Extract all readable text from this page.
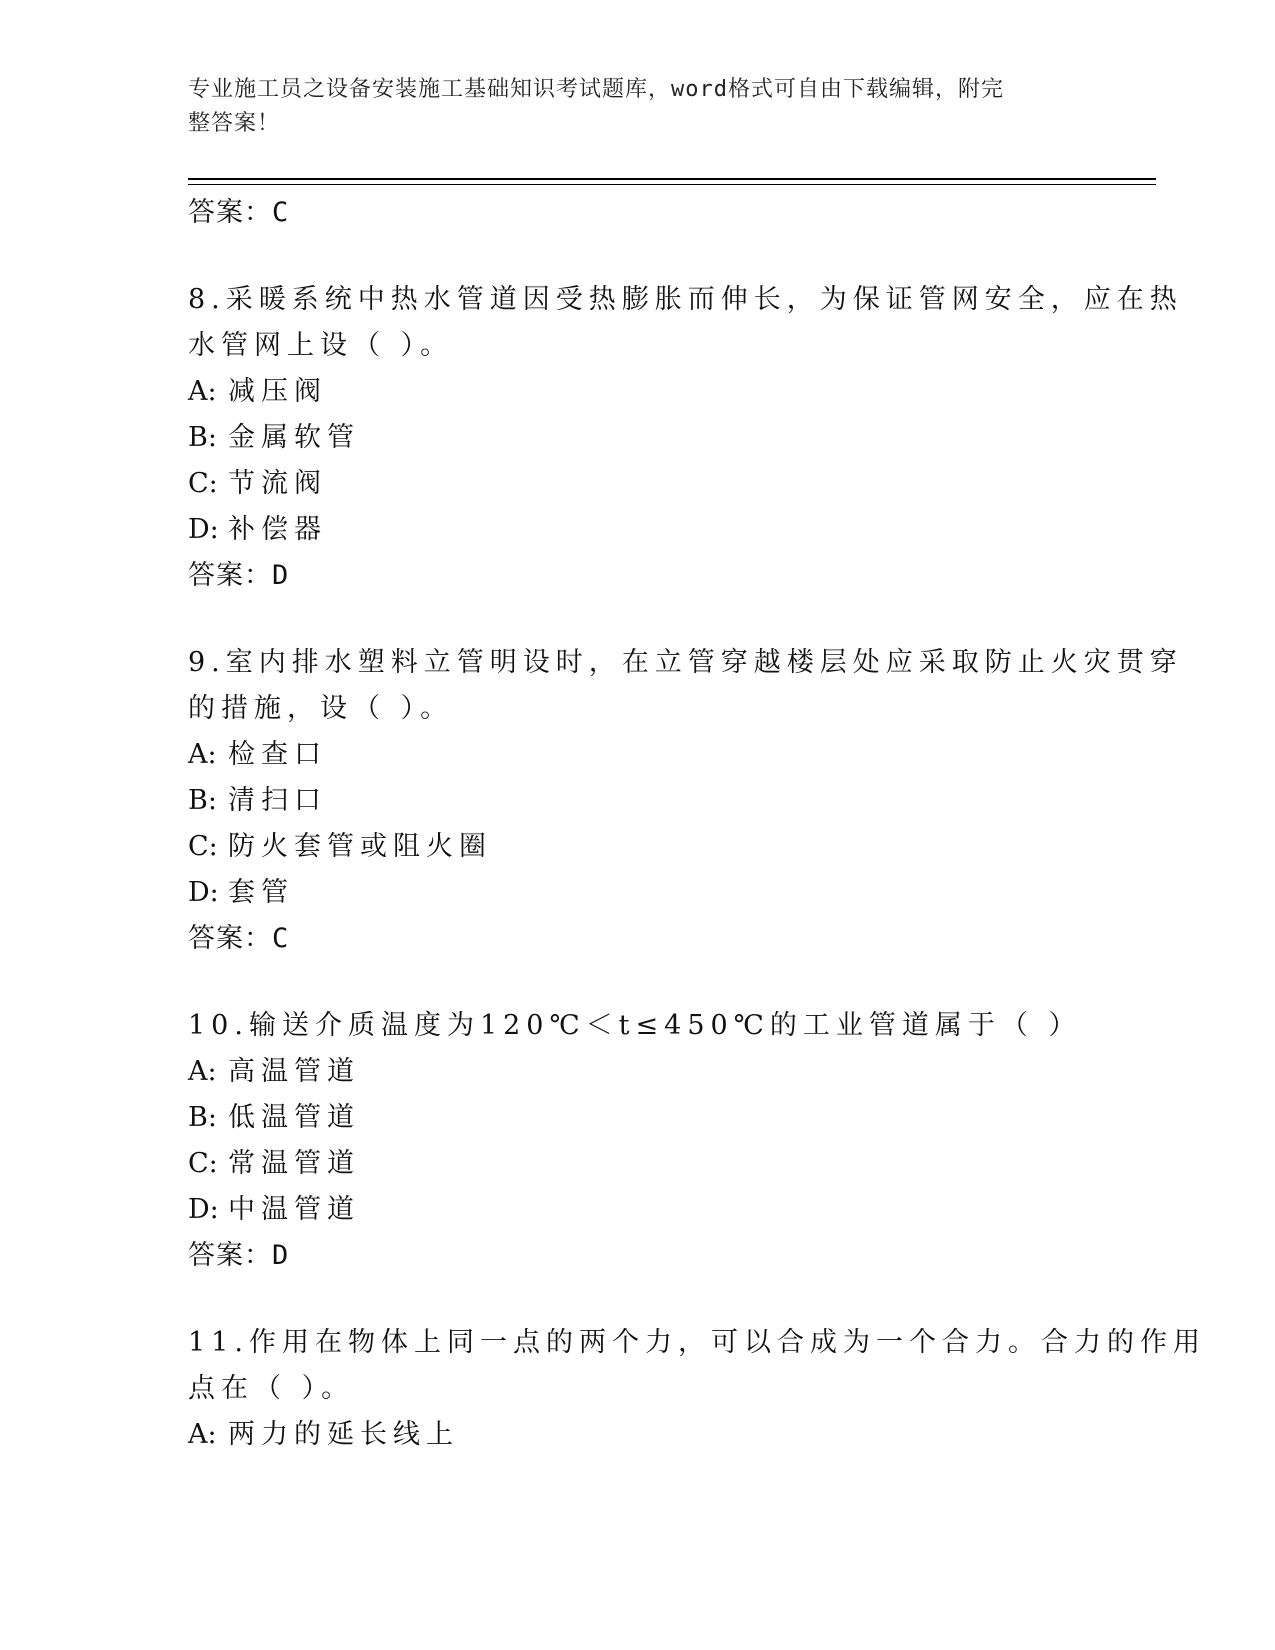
专业施工员之设备安装施工基础知识考试题库，word格式可自由下载编辑，附完
整答案！
答案：C
8.采暖系统中热水管道因受热膨胀而伸长，为保证管网安全，应在热
水管网上设（ ）。
A: 减压阀
B: 金属软管
C: 节流阀
D: 补偿器
答案：D
9.室内排水塑料立管明设时，在立管穿越楼层处应采取防止火灾贯穿
的措施，设（ ）。
A: 检查口
B: 清扫口
C: 防火套管或阻火圈
D: 套管
答案：C
10.输送介质温度为120℃＜t≤450℃的工业管道属于（ ）
A: 高温管道
B: 低温管道
C: 常温管道
D: 中温管道
答案：D
11.作用在物体上同一点的两个力，可以合成为一个合力。合力的作用
点在（ ）。
A: 两力的延长线上
